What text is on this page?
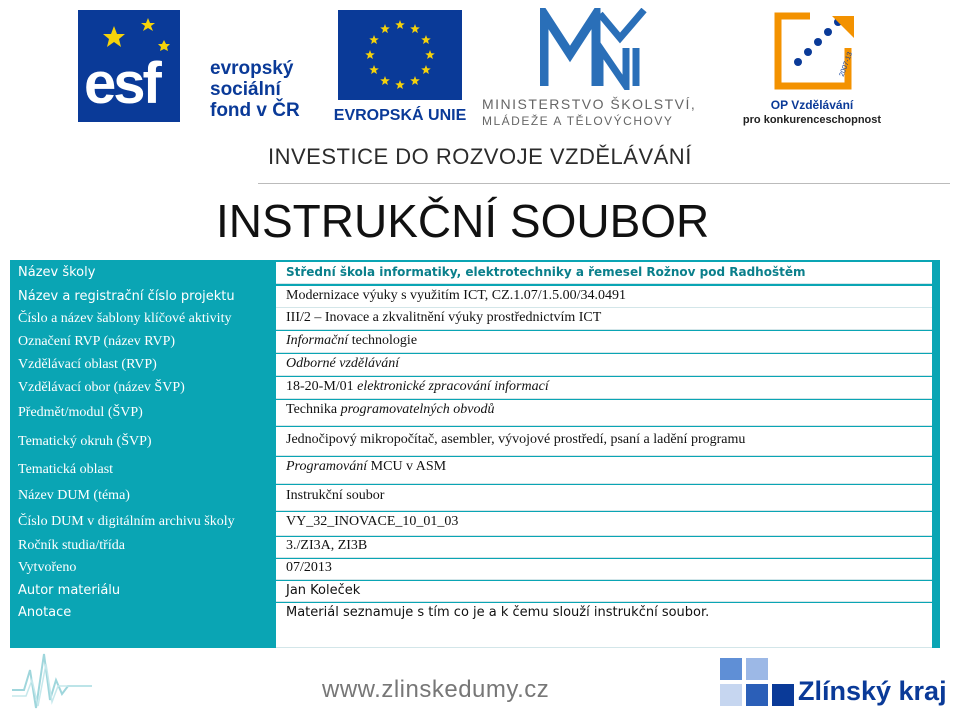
esf	evropský
sociální
fond v ČR EVROPSKÁ UNIE
MINISTERSTVO ŠKOLSTVÍ,
MLÁDEŽE A TĚLOVÝCHOVY
2007-13
OP Vzdělávání
pro konkurenceschopnost
INVESTICE DO ROZVOJE VZDĚLÁVÁNÍ
INSTRUKČNÍ SOUBOR
Název školy	Střední škola informatiky, elektrotechniky a řemesel Rožnov pod Radhoštěm
Název a registrační číslo projektu	Modernizace výuky s využitím ICT, CZ.1.07/1.5.00/34.0491
Číslo a název šablony klíčové aktivity	III/2 – Inovace a zkvalitnění výuky prostřednictvím ICT
Označení RVP (název RVP)	Informační technologie
Vzdělávací oblast (RVP)	Odborné vzdělávání
Vzdělávací obor (název ŠVP)	18-20-M/01 elektronické zpracování informací
Předmět/modul (ŠVP)	Technika programovatelných obvodů
Tematický okruh (ŠVP)	Jednočipový mikropočítač, asembler, vývojové prostředí, psaní a ladění programu
Tematická oblast	Programování MCU v ASM
Název DUM (téma)	Instrukční soubor
Číslo DUM v digitálním archivu školy	VY_32_INOVACE_10_01_03
Ročník studia/třída	3./ZI3A, ZI3B
Vytvořeno	07/2013
Autor materiálu	Jan Koleček
Anotace	Materiál seznamuje s tím co je a k čemu slouží instrukční soubor.
www.zlinskedumy.cz	Zlínský kraj
